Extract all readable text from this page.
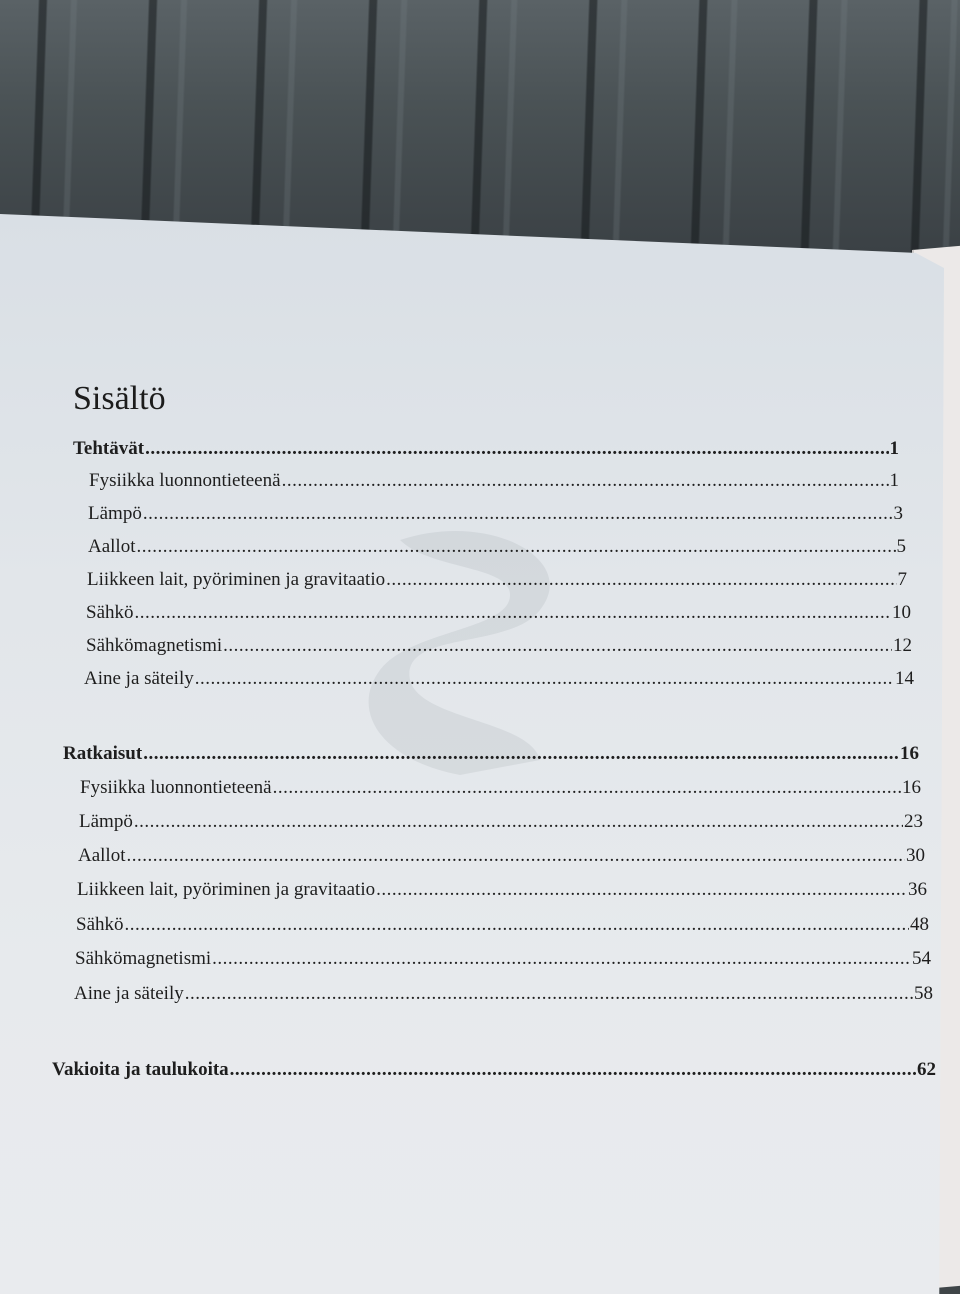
Sisältö
Tehtävät .....	1
Fysiikka luonnontieteenä .....	1
Lämpö .....	3
Aallot .....	5
Liikkeen lait, pyöriminen ja gravitaatio .....	7
Sähkö .....	10
Sähkömagnetismi .....	12
Aine ja säteily .....	14
Ratkaisut .....	16
Fysiikka luonnontieteenä .....	16
Lämpö .....	23
Aallot .....	30
Liikkeen lait, pyöriminen ja gravitaatio .....	36
Sähkö .....	48
Sähkömagnetismi .....	54
Aine ja säteily .....	58
Vakioita ja taulukoita .....	62
